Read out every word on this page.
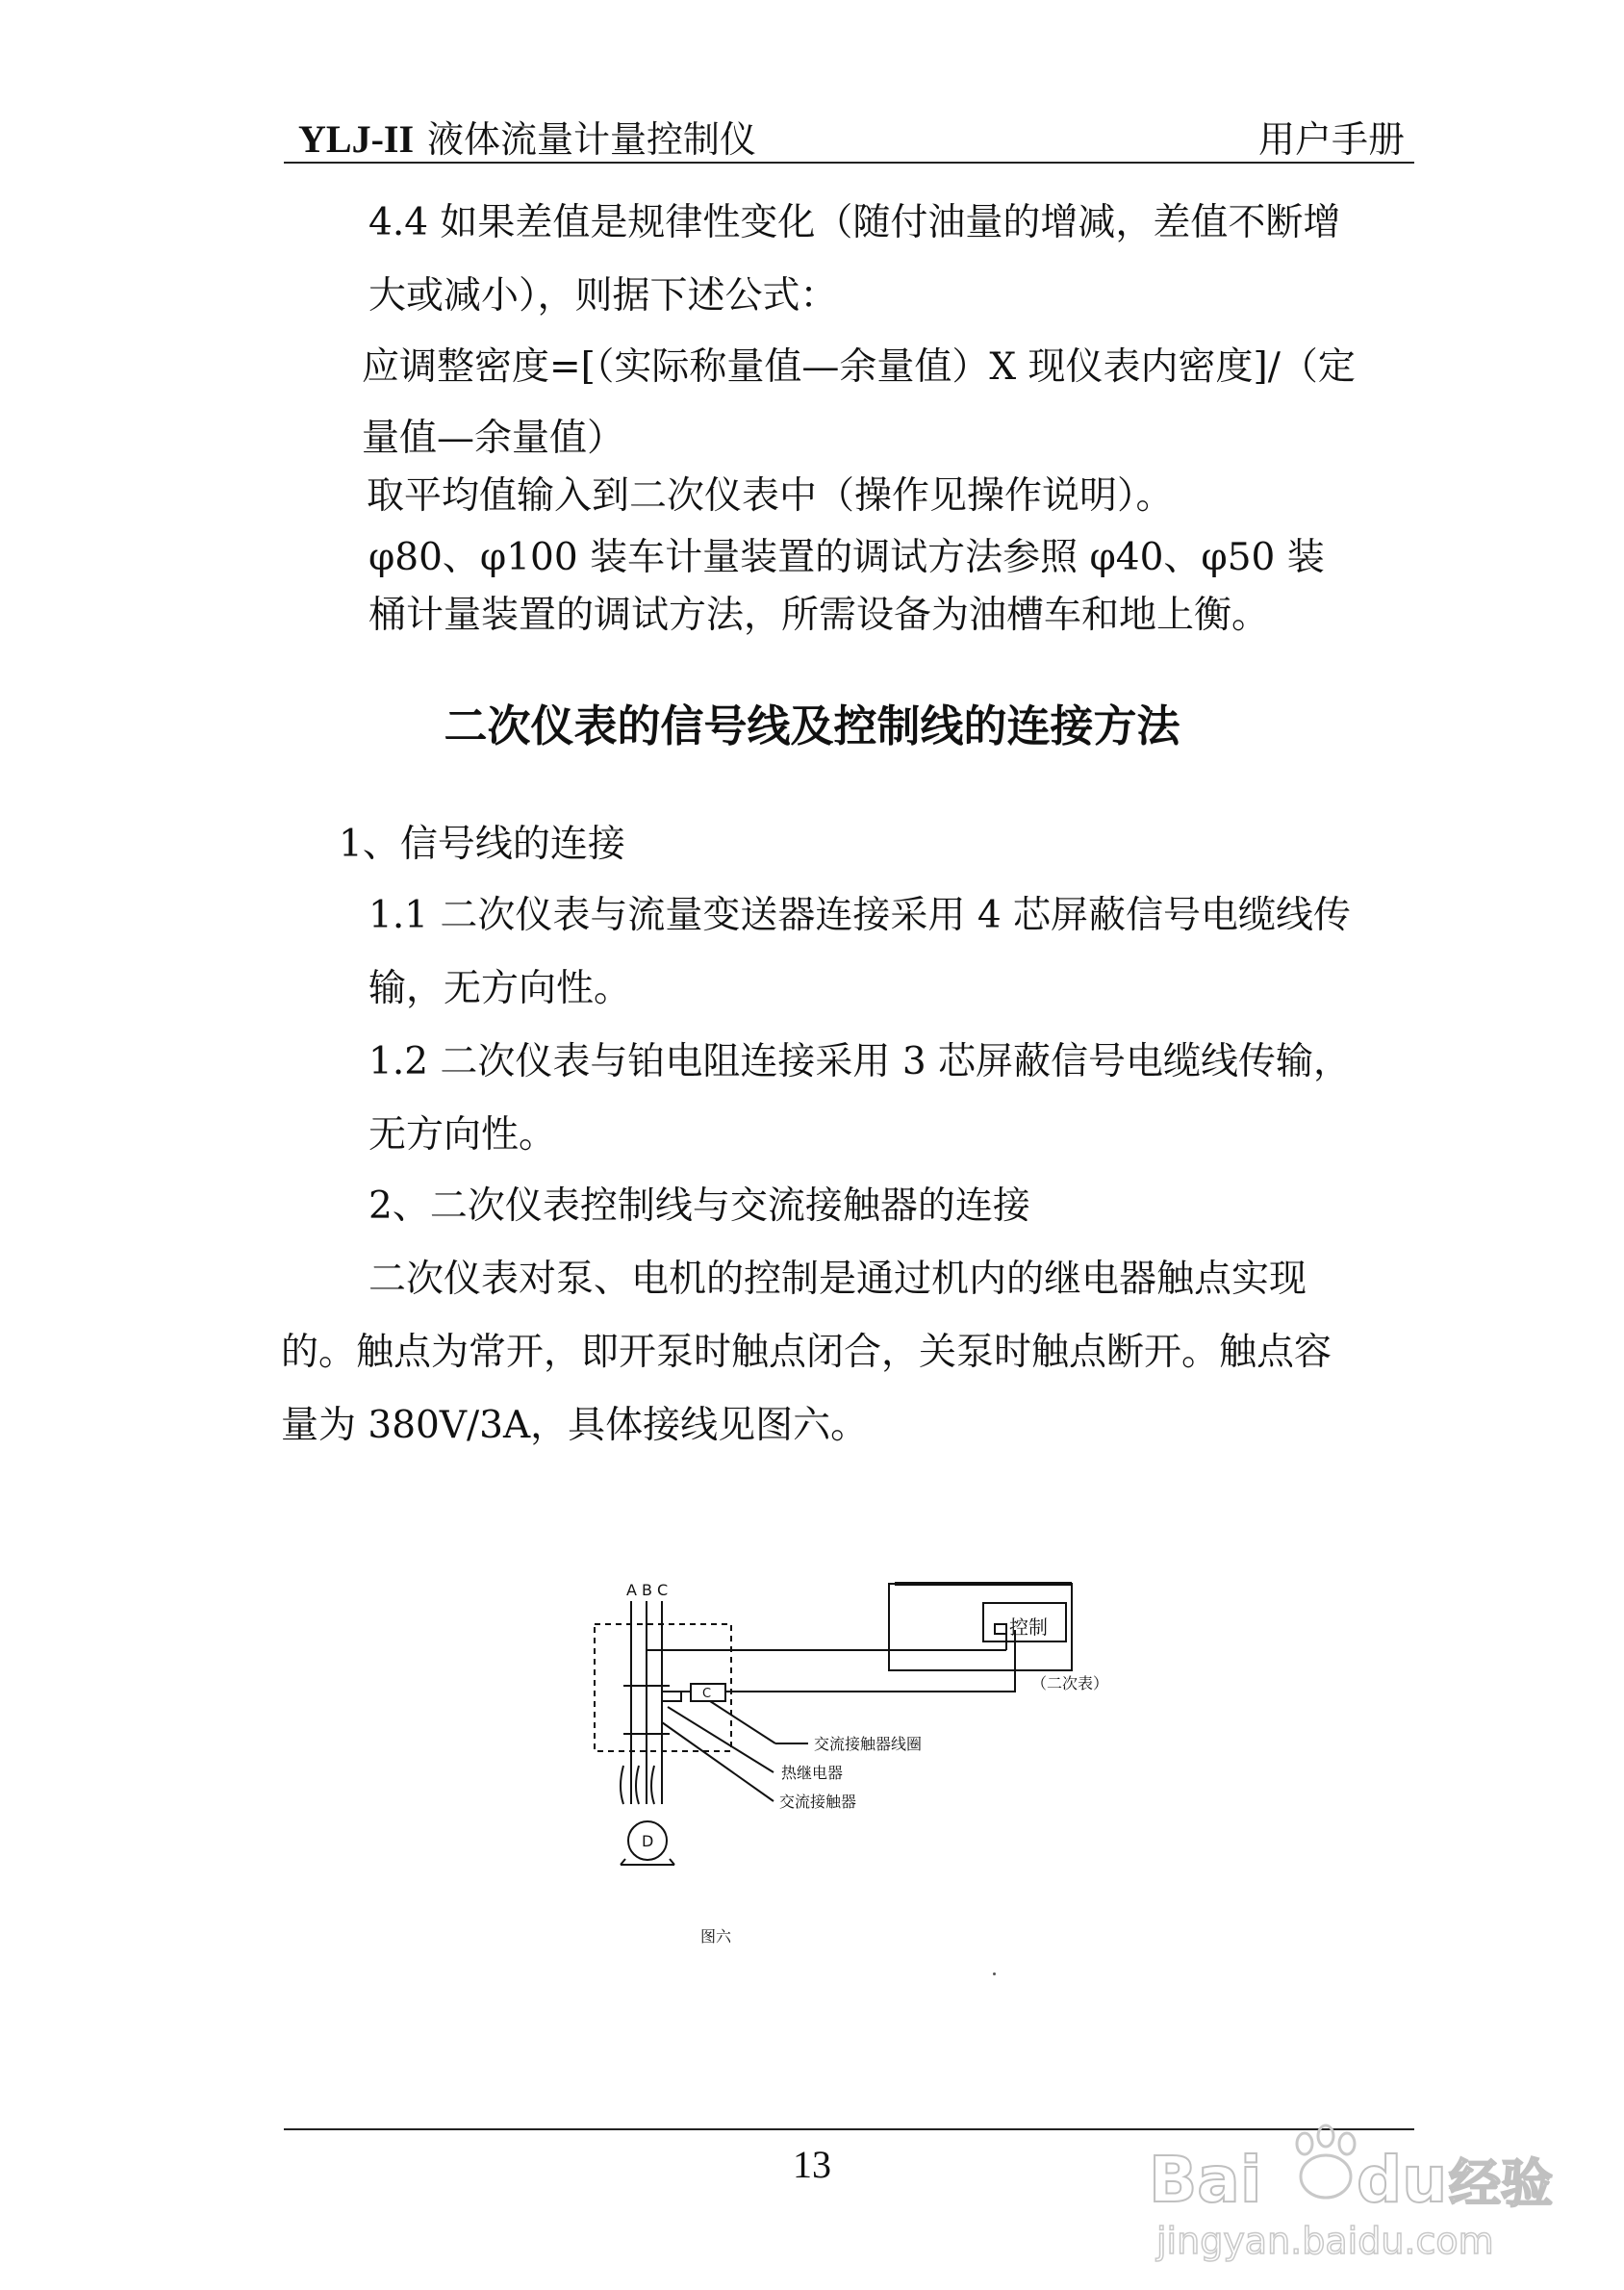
YLJ-II 液体流量计量控制仪	用户手册
4.4 如果差值是规律性变化（随付油量的增减，差值不断增
大或减小），则据下述公式：
应调整密度=[（实际称量值—余量值）X 现仪表内密度]/（定
量值—余量值）
取平均值输入到二次仪表中（操作见操作说明）。
φ80、φ100 装车计量装置的调试方法参照 φ40、φ50 装
桶计量装置的调试方法，所需设备为油槽车和地上衡。
二次仪表的信号线及控制线的连接方法
1、信号线的连接
1.1 二次仪表与流量变送器连接采用 4 芯屏蔽信号电缆线传
输，无方向性。
1.2 二次仪表与铂电阻连接采用 3 芯屏蔽信号电缆线传输，
无方向性。
2、二次仪表控制线与交流接触器的连接
二次仪表对泵、电机的控制是通过机内的继电器触点实现
的。触点为常开，即开泵时触点闭合，关泵时触点断开。触点容
量为 380V/3A，具体接线见图六。
A B C
控制
（二次表）
C
D
交流接触器线圈
热继电器
交流接触器
图六
13	Bai du 经验
jingyan.baidu.com
